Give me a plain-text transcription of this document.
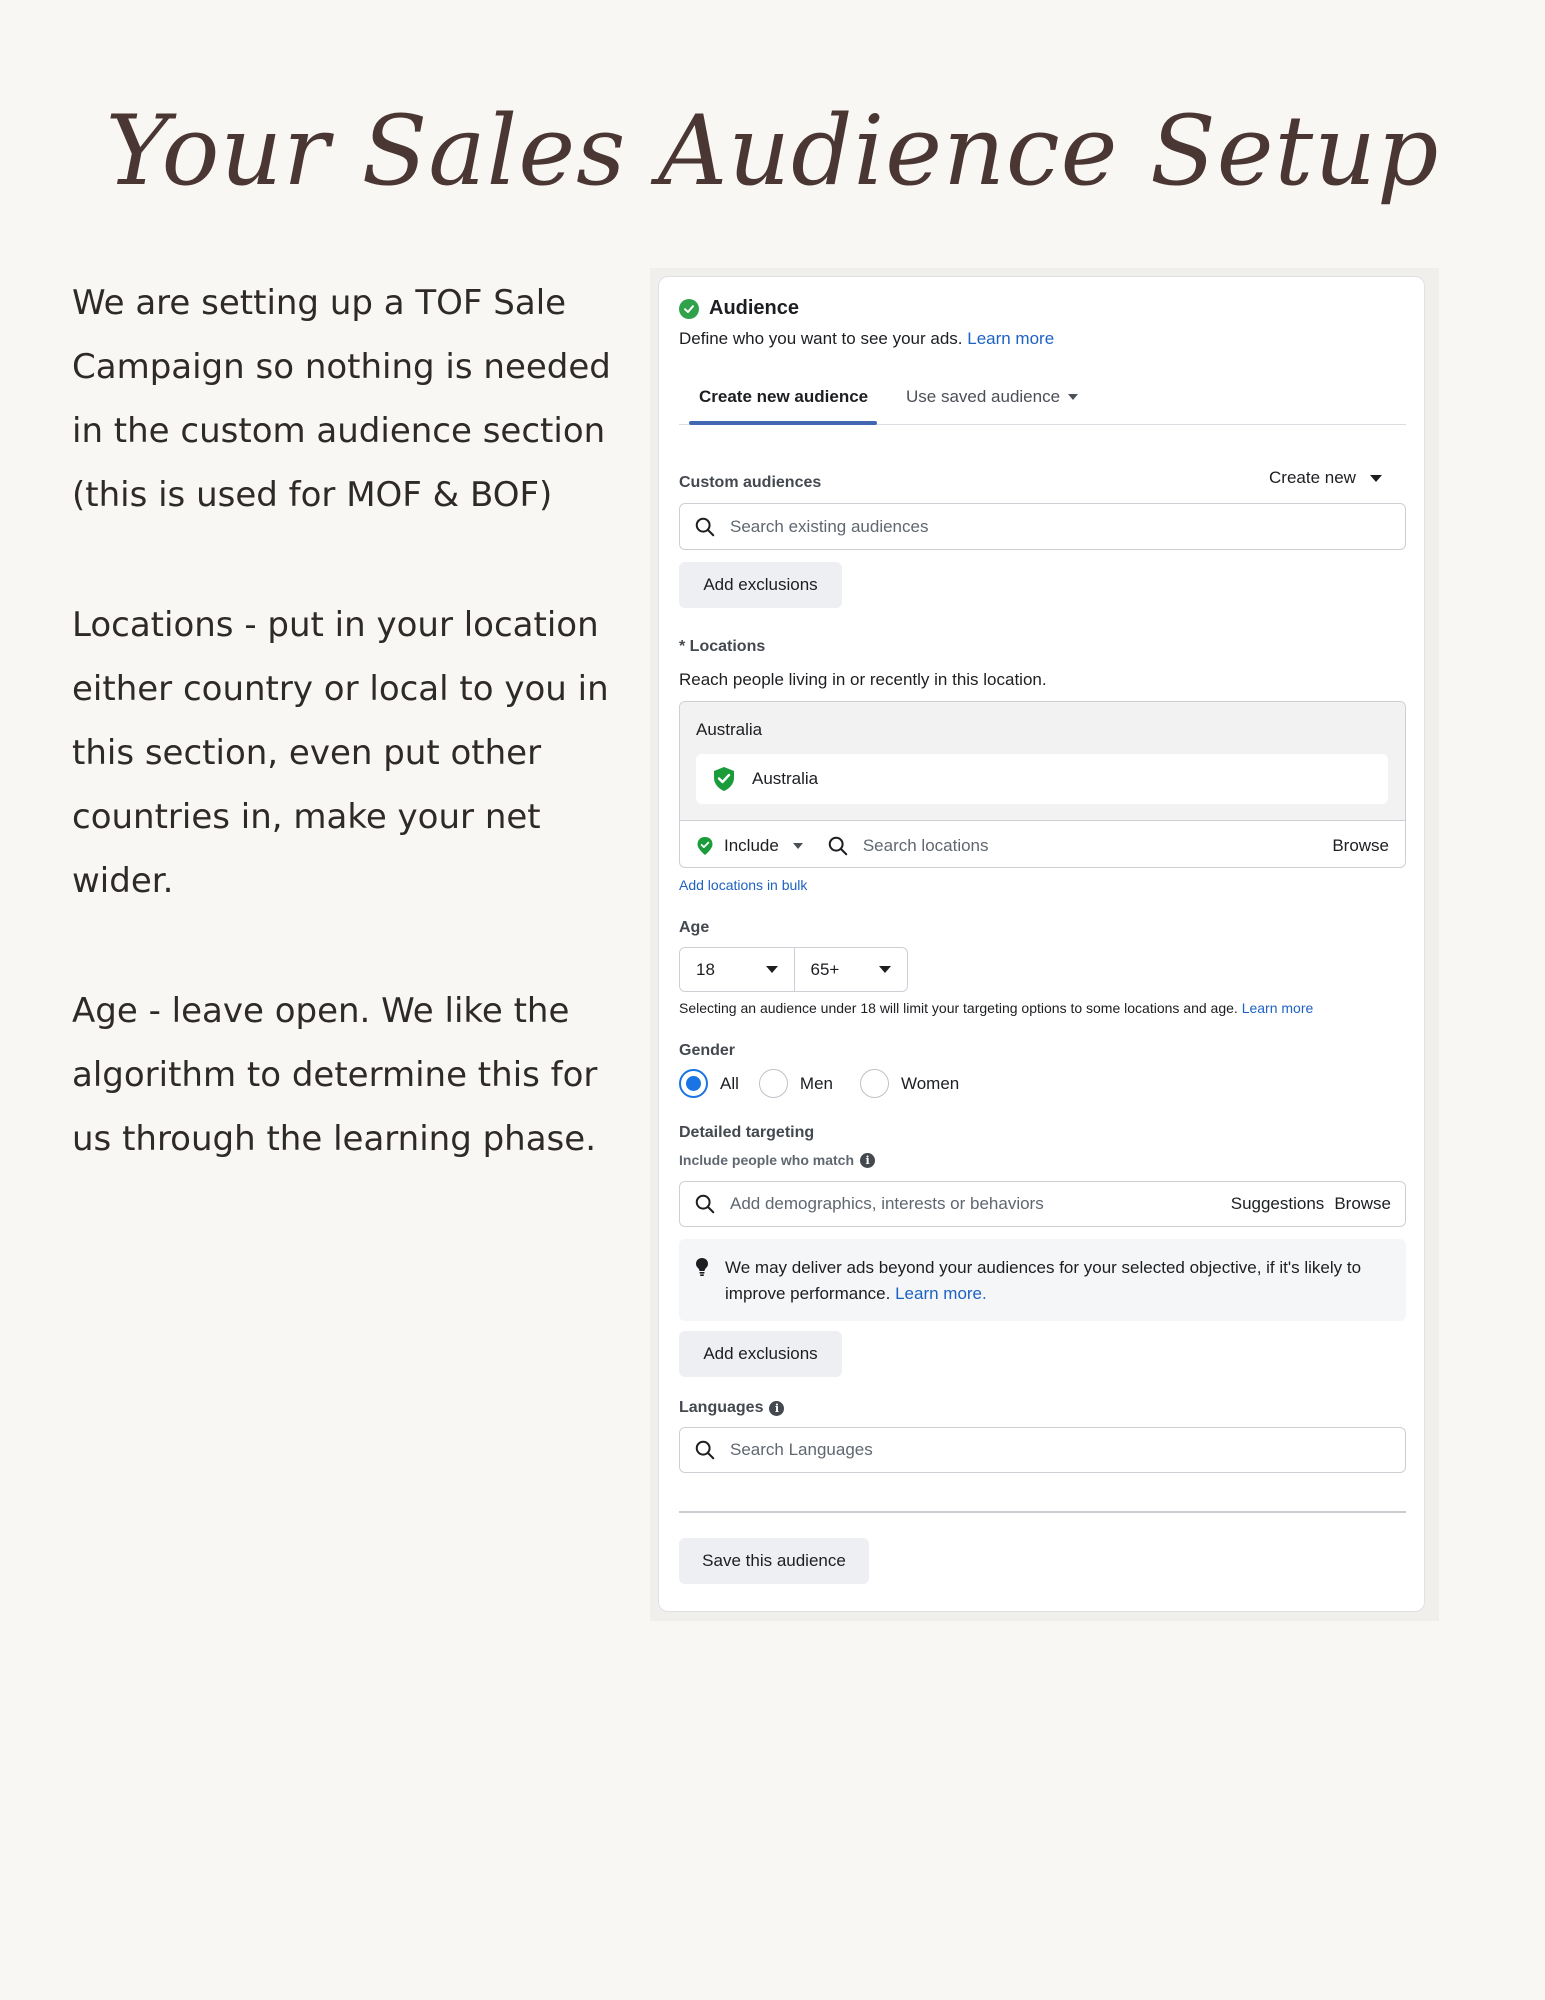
Your Sales Audience Setup

We are setting up a TOF Sale Campaign so nothing is needed in the custom audience section (this is used for MOF & BOF)

Locations - put in your location either country or local to you in this section, even put other countries in, make your net wider.

Age - leave open. We like the algorithm to determine this for us through the learning phase.

Audience
Define who you want to see your ads. Learn more
Create new audience Use saved audience
Custom audiences	Create new
Search existing audiences
Add exclusions
* Locations
Reach people living in or recently in this location.
Australia
Australia
Include	Search locations	Browse
Add locations in bulk
Age
18	65+
Selecting an audience under 18 will limit your targeting options to some locations and age. Learn more
Gender
All	Men	Women
Detailed targeting
Include people who match	i
Add demographics, interests or behaviors	Suggestions Browse
We may deliver ads beyond your audiences for your selected objective, if it's likely to improve performance. Learn more.
Add exclusions
Languages	i
Search Languages
Save this audience
